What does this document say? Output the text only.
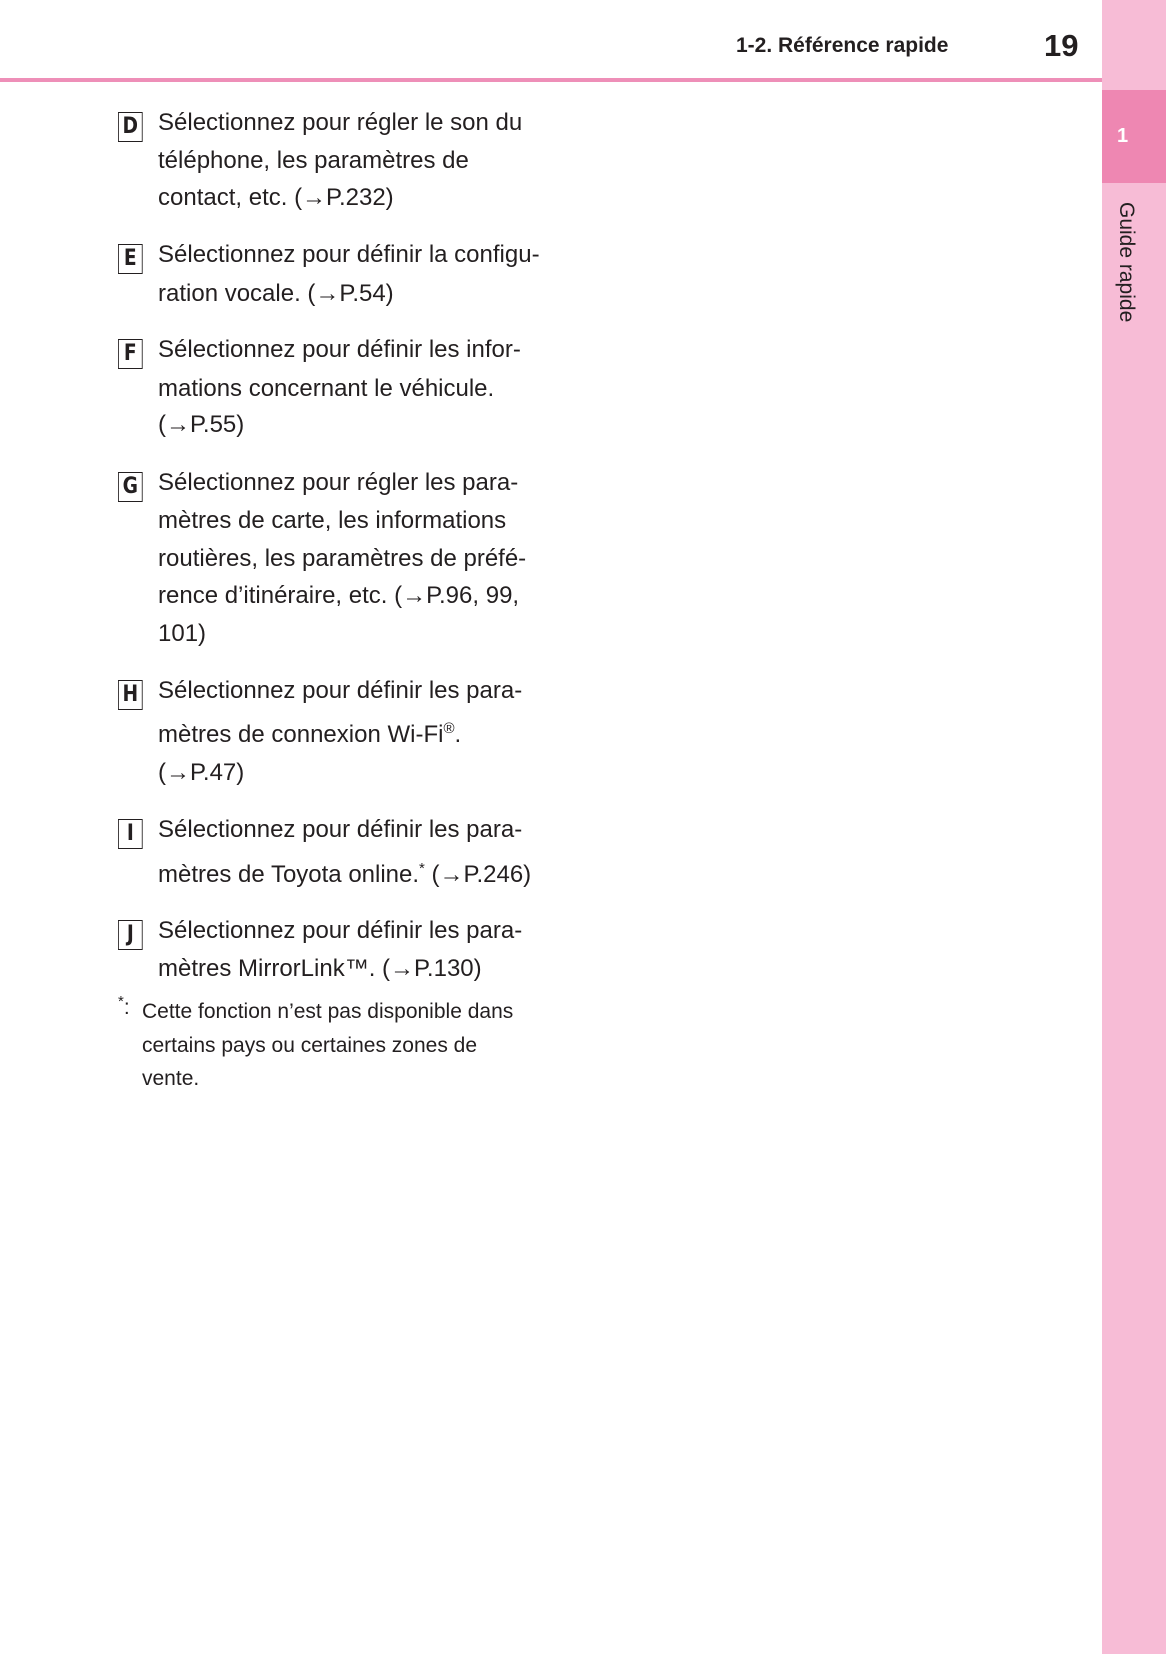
1-2. Référence rapide	19
1
Guide rapide
D Sélectionnez pour régler le son du
téléphone, les paramètres de
contact, etc. (→P.232)
E Sélectionnez pour définir la configu-
ration vocale. (→P.54)
F Sélectionnez pour définir les infor-
mations concernant le véhicule.
(→P.55)
G Sélectionnez pour régler les para-
mètres de carte, les informations
routières, les paramètres de préfé-
rence d’itinéraire, etc. (→P.96, 99,
101)
H Sélectionnez pour définir les para-
mètres de connexion Wi-Fi®.
(→P.47)
I	Sélectionnez pour définir les para-
mètres de Toyota online.* (→P.246)
J	Sélectionnez pour définir les para-
mètres MirrorLink™. (→P.130)
*: Cette fonction n’est pas disponible dans
certains pays ou certaines zones de
vente.
